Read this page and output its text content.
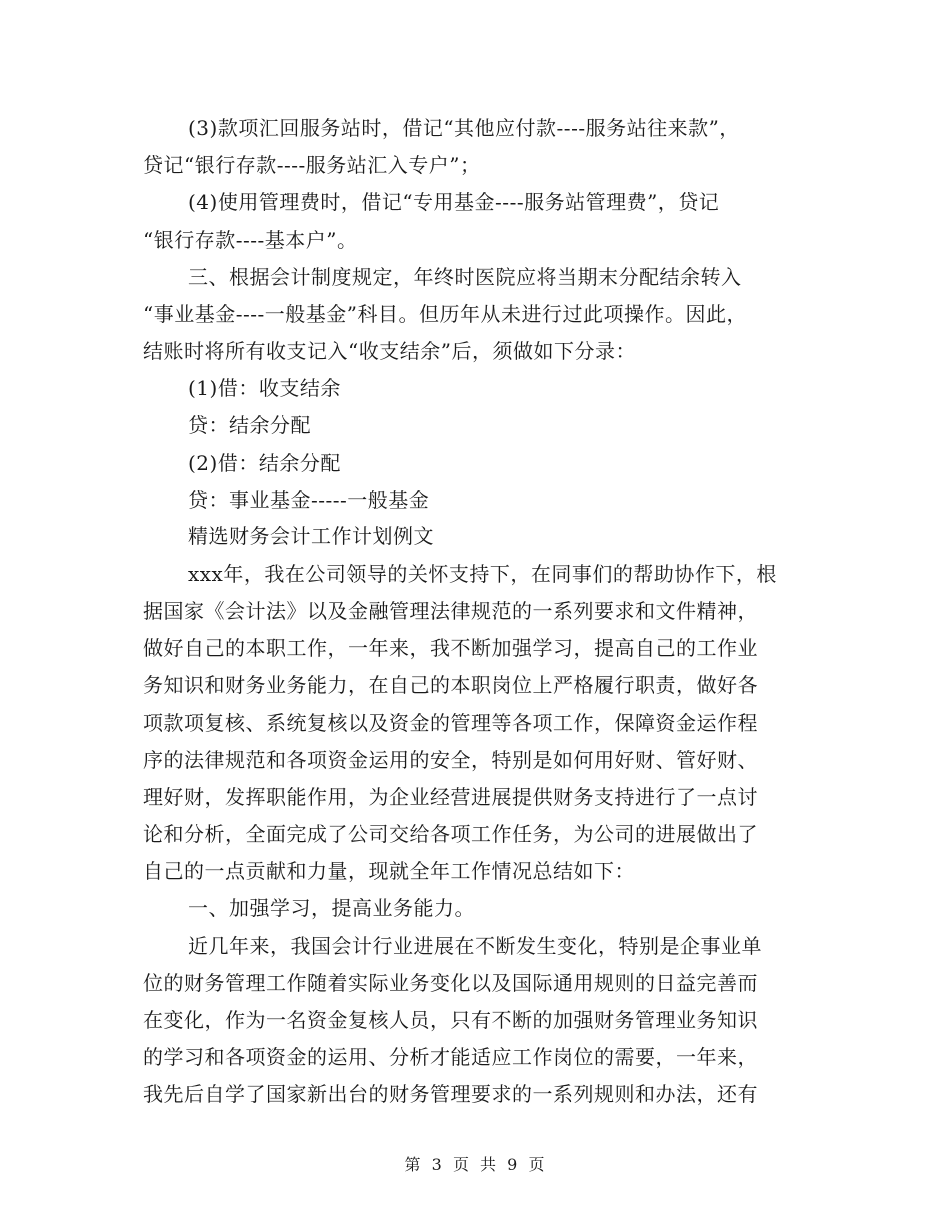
(3)款项汇回服务站时，借记“其他应付款----服务站往来款”，
贷记“银行存款----服务站汇入专户”；
(4)使用管理费时，借记“专用基金----服务站管理费”，贷记
“银行存款----基本户”。
三、根据会计制度规定，年终时医院应将当期末分配结余转入
“事业基金----一般基金”科目。但历年从未进行过此项操作。因此，
结账时将所有收支记入“收支结余”后，须做如下分录：
(1)借：收支结余
贷：结余分配
(2)借：结余分配
贷：事业基金-----一般基金
精选财务会计工作计划例文
xxx年，我在公司领导的关怀支持下，在同事们的帮助协作下，根
据国家《会计法》以及金融管理法律规范的一系列要求和文件精神，
做好自己的本职工作，一年来，我不断加强学习，提高自己的工作业
务知识和财务业务能力，在自己的本职岗位上严格履行职责，做好各
项款项复核、系统复核以及资金的管理等各项工作，保障资金运作程
序的法律规范和各项资金运用的安全，特别是如何用好财、管好财、
理好财，发挥职能作用，为企业经营进展提供财务支持进行了一点讨
论和分析，全面完成了公司交给各项工作任务，为公司的进展做出了
自己的一点贡献和力量，现就全年工作情况总结如下：
一、加强学习，提高业务能力。
近几年来，我国会计行业进展在不断发生变化，特别是企事业单
位的财务管理工作随着实际业务变化以及国际通用规则的日益完善而
在变化，作为一名资金复核人员，只有不断的加强财务管理业务知识
的学习和各项资金的运用、分析才能适应工作岗位的需要，一年来，
我先后自学了国家新出台的财务管理要求的一系列规则和办法，还有
第 3 页 共 9 页
